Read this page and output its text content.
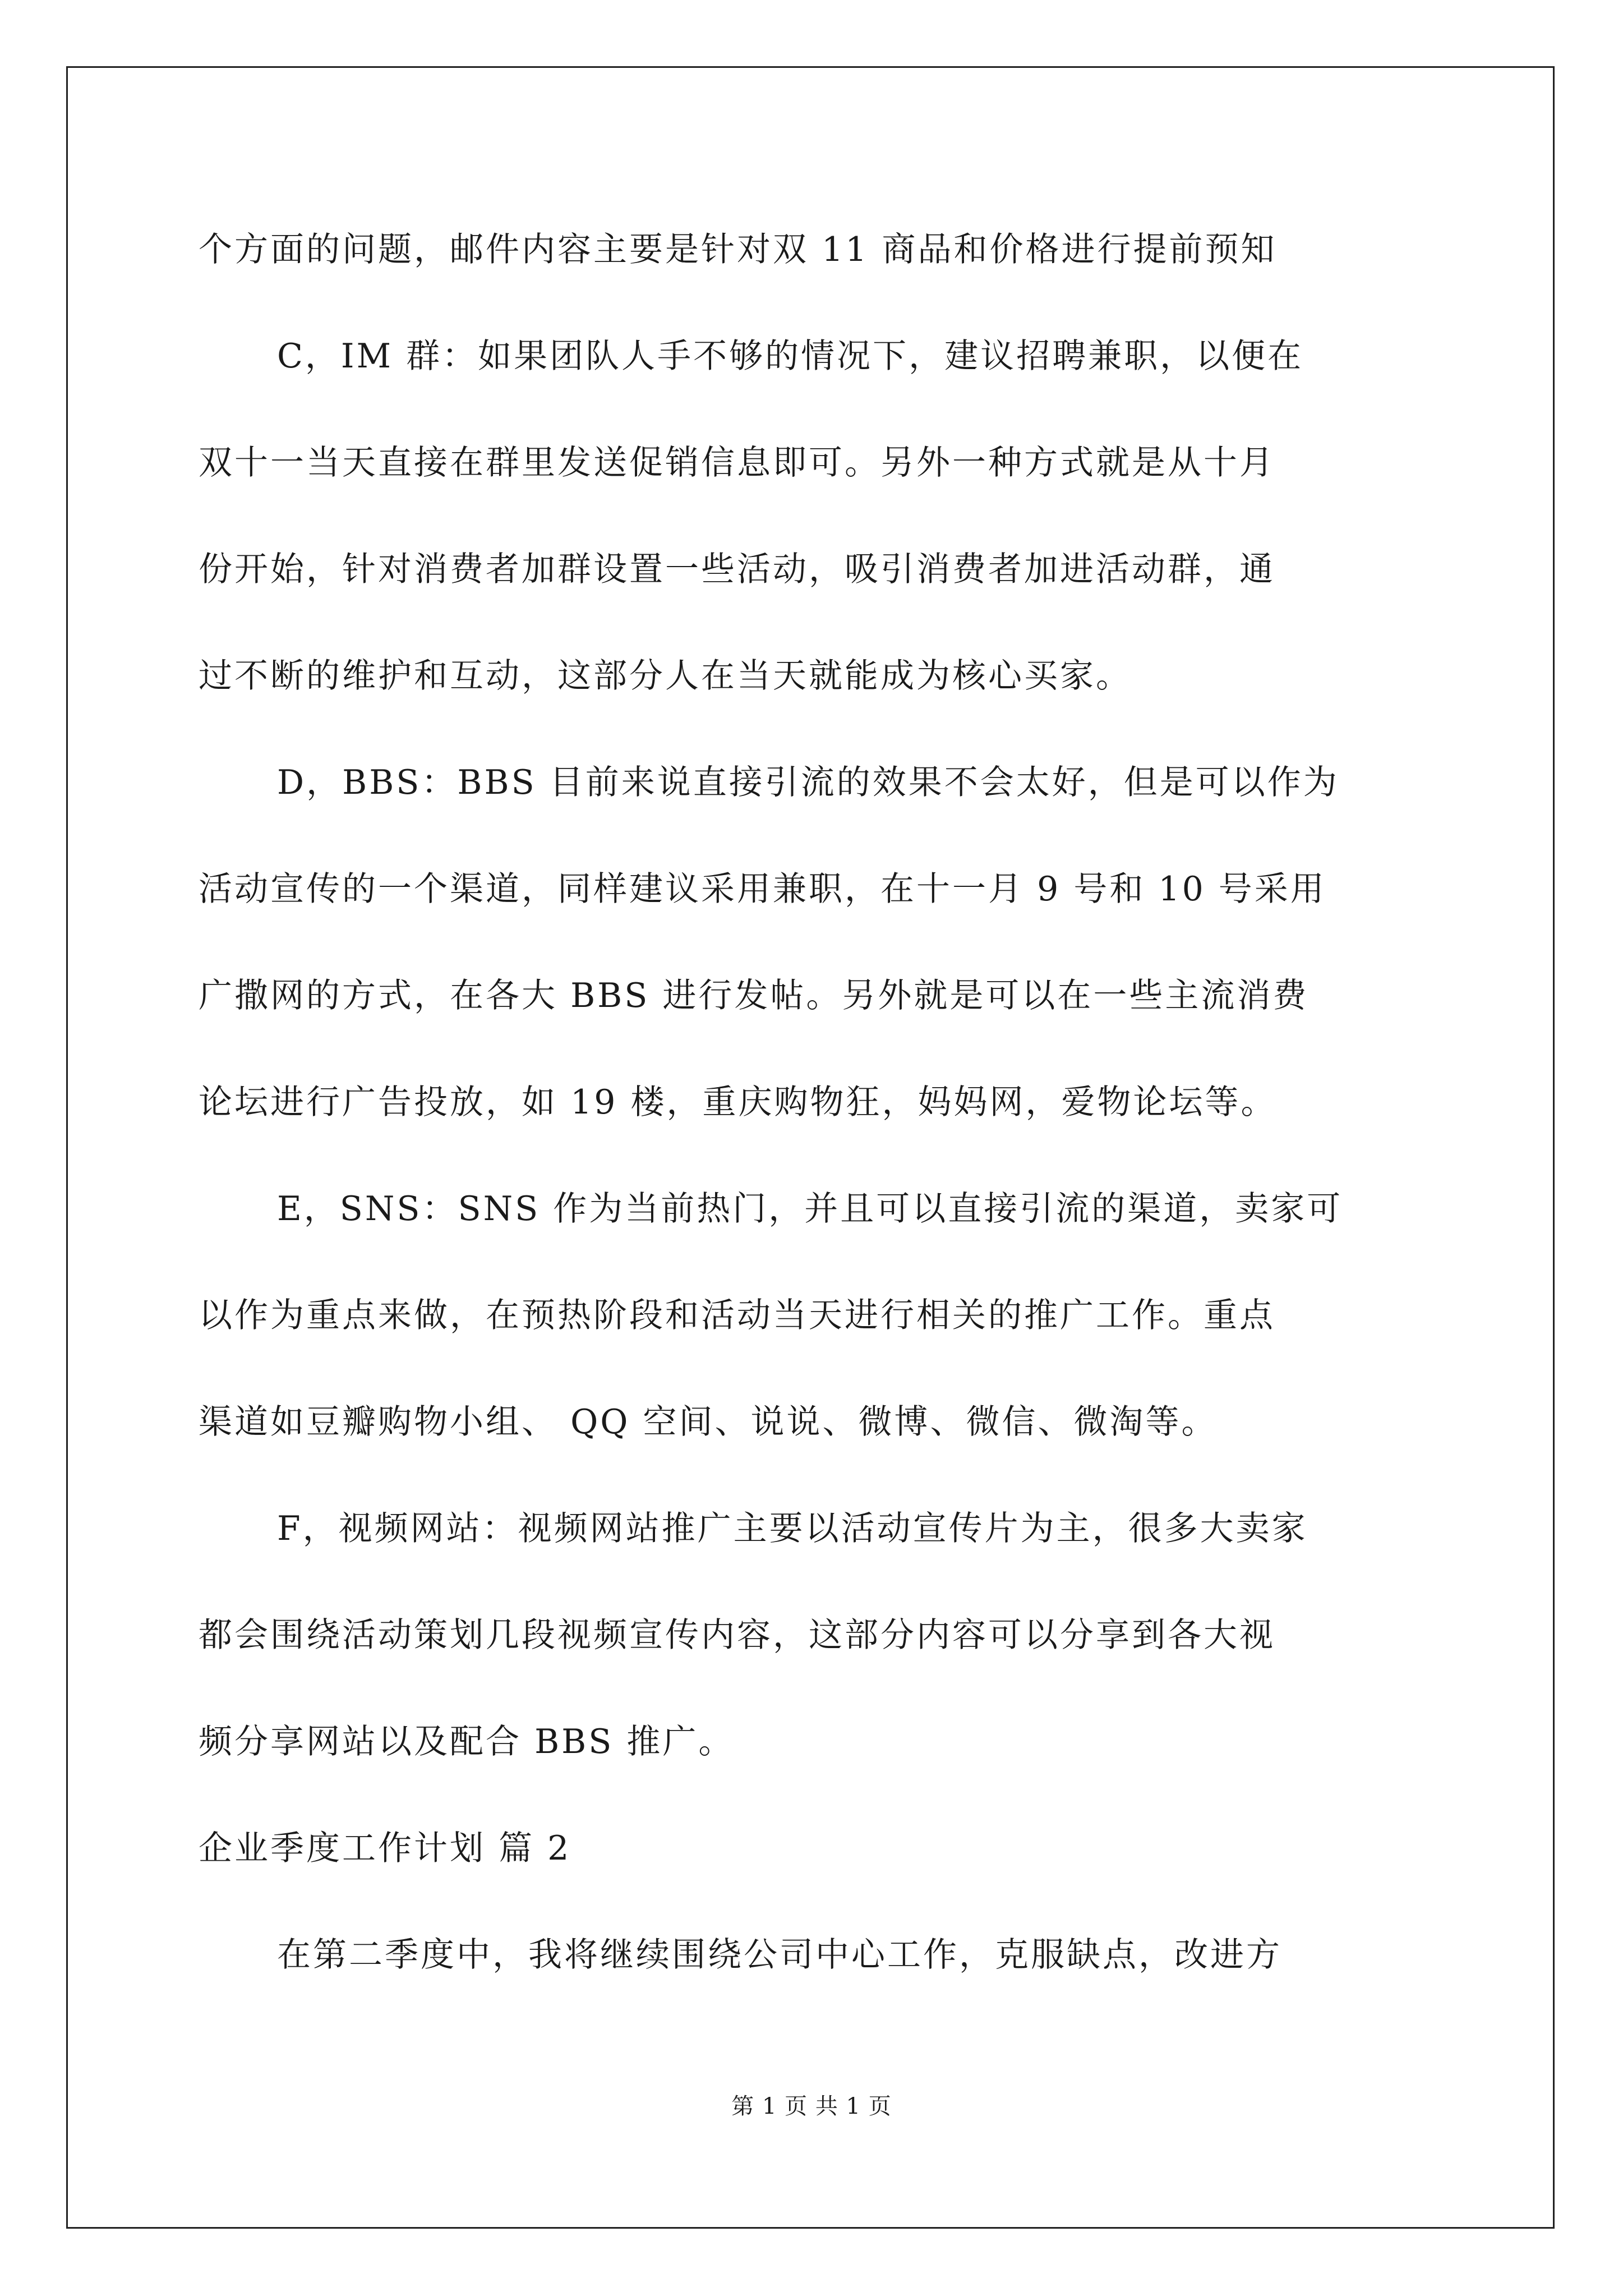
个方面的问题，邮件内容主要是针对双 11 商品和价格进行提前预知
C，IM 群：如果团队人手不够的情况下，建议招聘兼职，以便在
双十一当天直接在群里发送促销信息即可。另外一种方式就是从十月
份开始，针对消费者加群设置一些活动，吸引消费者加进活动群，通
过不断的维护和互动，这部分人在当天就能成为核心买家。
D，BBS：BBS 目前来说直接引流的效果不会太好，但是可以作为
活动宣传的一个渠道，同样建议采用兼职，在十一月 9 号和 10 号采用
广撒网的方式，在各大 BBS 进行发帖。另外就是可以在一些主流消费
论坛进行广告投放，如 19 楼，重庆购物狂，妈妈网，爱物论坛等。
E，SNS：SNS 作为当前热门，并且可以直接引流的渠道，卖家可
以作为重点来做，在预热阶段和活动当天进行相关的推广工作。重点
渠道如豆瓣购物小组、 QQ 空间、说说、微博、微信、微淘等。
F，视频网站：视频网站推广主要以活动宣传片为主，很多大卖家
都会围绕活动策划几段视频宣传内容，这部分内容可以分享到各大视
频分享网站以及配合 BBS 推广。
企业季度工作计划 篇 2
在第二季度中，我将继续围绕公司中心工作，克服缺点，改进方
第 1 页 共 1 页
